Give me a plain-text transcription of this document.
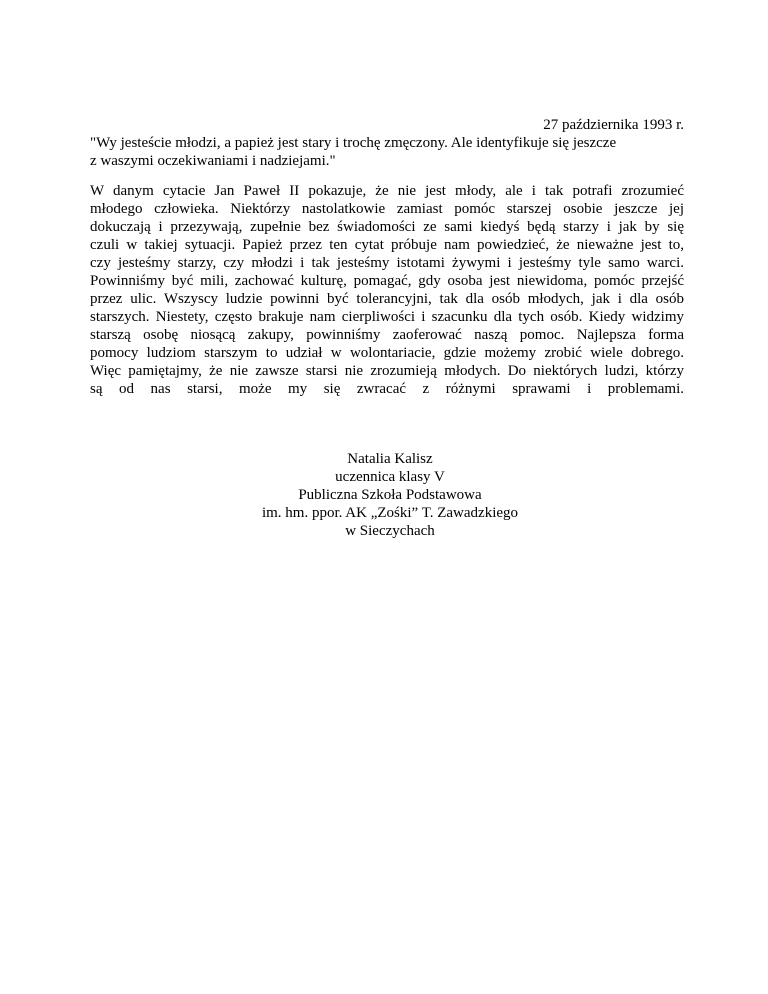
27 października 1993 r.
"Wy jesteście młodzi, a papież jest stary i trochę zmęczony. Ale identyfikuje się jeszcze
z waszymi oczekiwaniami i nadziejami."
W danym cytacie Jan Paweł II pokazuje, że nie jest młody, ale i tak potrafi zrozumieć
młodego człowieka. Niektórzy nastolatkowie zamiast pomóc starszej osobie jeszcze jej
dokuczają i przezywają, zupełnie bez świadomości ze sami kiedyś będą starzy i jak by się
czuli w takiej sytuacji. Papież przez ten cytat próbuje nam powiedzieć, że nieważne jest to,
czy jesteśmy starzy, czy młodzi i tak jesteśmy istotami żywymi i jesteśmy tyle samo warci.
Powinniśmy być mili, zachować kulturę, pomagać, gdy osoba jest niewidoma, pomóc przejść
przez ulic. Wszyscy ludzie powinni być tolerancyjni, tak dla osób młodych, jak i dla osób
starszych. Niestety, często brakuje nam cierpliwości i szacunku dla tych osób. Kiedy widzimy
starszą osobę niosącą zakupy, powinniśmy zaoferować naszą pomoc. Najlepsza forma
pomocy ludziom starszym to udział w wolontariacie, gdzie możemy zrobić wiele dobrego.
Więc pamiętajmy, że nie zawsze starsi nie zrozumieją młodych. Do niektórych ludzi, którzy
są od nas starsi, może my się zwracać z różnymi sprawami i problemami.
Natalia Kalisz
uczennica klasy V
Publiczna Szkoła Podstawowa
im. hm. ppor. AK „Zośki” T. Zawadzkiego
w Sieczychach
